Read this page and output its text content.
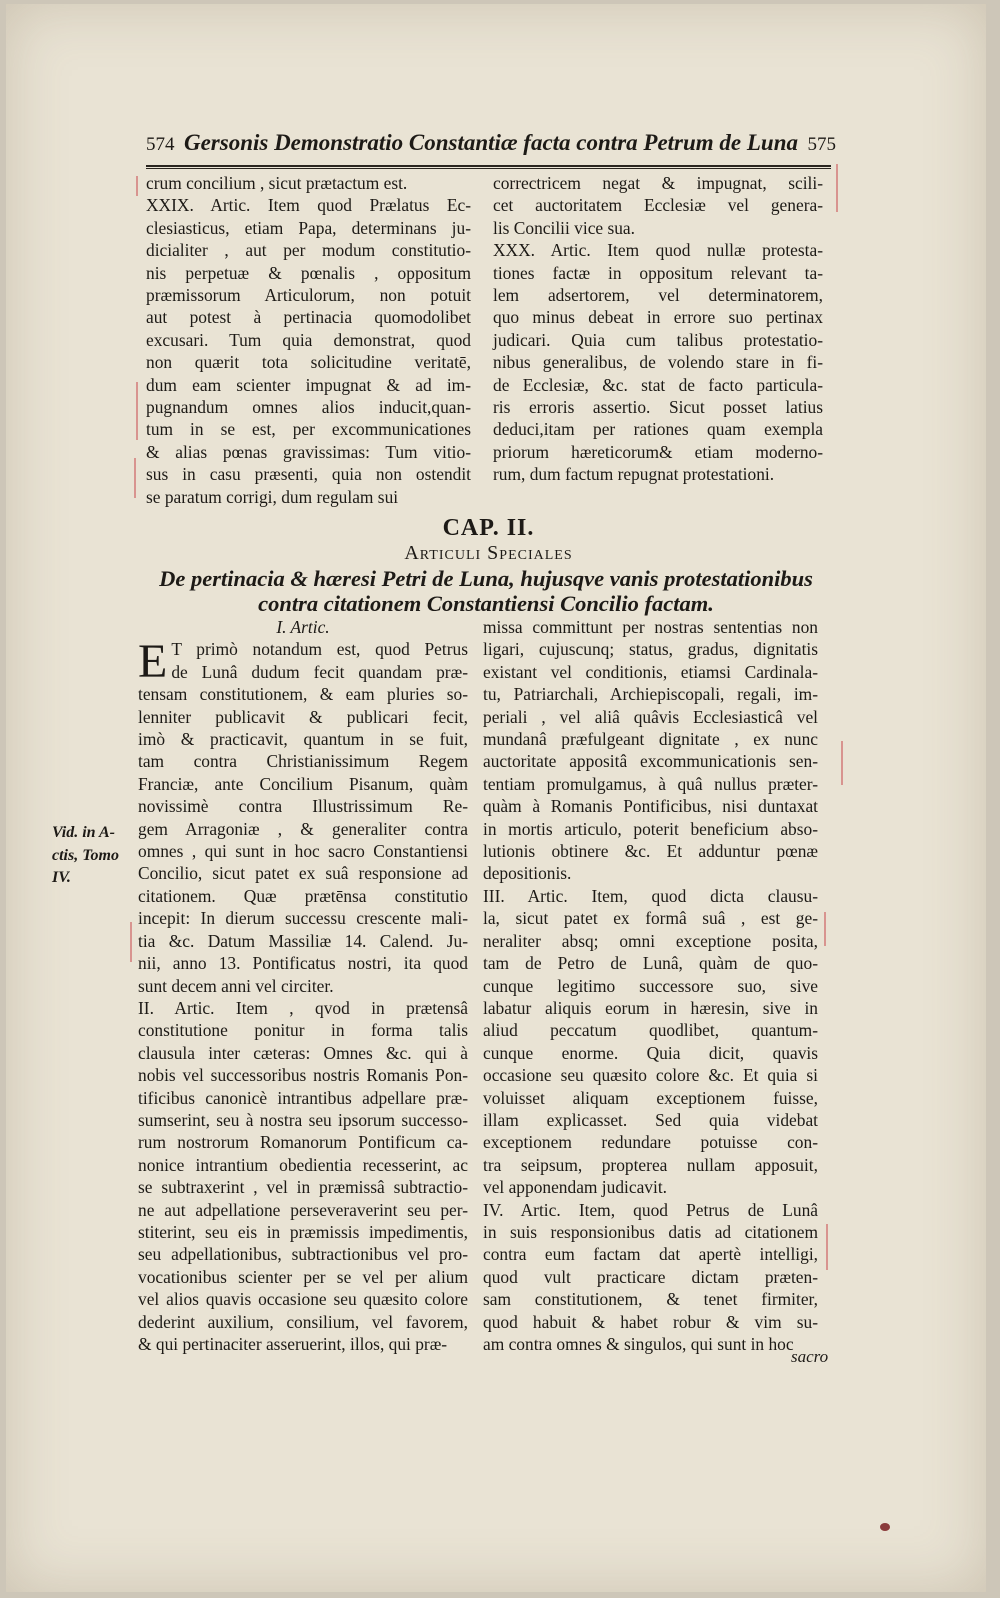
574 Gersonis Demonstratio Constantiæ facta contra Petrum de Luna 575

crum concilium , sicut prætactum est.

XXIX. Artic. Item quod Prælatus Ec-

clesiasticus, etiam Papa, determinans ju-

dicialiter , aut per modum constitutio-

nis perpetuæ & pœnalis , oppositum

præmissorum Articulorum, non potuit

aut potest à pertinacia quomodolibet

excusari. Tum quia demonstrat, quod

non quærit tota solicitudine veritatē,

dum eam scienter impugnat & ad im-

pugnandum omnes alios inducit,quan-

tum in se est, per excommunicationes

& alias pœnas gravissimas: Tum vitio-

sus in casu præsenti, quia non ostendit

se paratum corrigi, dum regulam sui

correctricem negat & impugnat, scili-

cet auctoritatem Ecclesiæ vel genera-

lis Concilii vice sua.

XXX. Artic. Item quod nullæ protesta-

tiones factæ in oppositum relevant ta-

lem adsertorem, vel determinatorem,

quo minus debeat in errore suo pertinax

judicari. Quia cum talibus protestatio-

nibus generalibus, de volendo stare in fi-

de Ecclesiæ, &c. stat de facto particula-

ris erroris assertio. Sicut posset latius

deduci,itam per rationes quam exempla

priorum hæreticorum& etiam moderno-

rum, dum factum repugnat protestationi.

CAP. II.
Articuli Speciales
De pertinacia & hæresi Petri de Luna, hujusqve vanis protestationibus
contra citationem Constantiensi Concilio factam.
Vid. in A-
ctis, Tomo
IV.

I. Artic.

E T primò notandum est, quod Petrus

de Lunâ dudum fecit quandam præ-

tensam constitutionem, & eam pluries so-

lenniter publicavit & publicari fecit,

imò & practicavit, quantum in se fuit,

tam contra Christianissimum Regem

Franciæ, ante Concilium Pisanum, quàm

novissimè contra Illustrissimum Re-

gem Arragoniæ , & generaliter contra

omnes , qui sunt in hoc sacro Constantiensi

Concilio, sicut patet ex suâ responsione ad

citationem. Quæ prætēnsa constitutio

incepit: In dierum successu crescente mali-

tia &c. Datum Massiliæ 14. Calend. Ju-

nii, anno 13. Pontificatus nostri, ita quod

sunt decem anni vel circiter.

II. Artic. Item , qvod in prætensâ

constitutione ponitur in forma talis

clausula inter cæteras: Omnes &c. qui à

nobis vel successoribus nostris Romanis Pon-

tificibus canonicè intrantibus adpellare præ-

sumserint, seu à nostra seu ipsorum successo-

rum nostrorum Romanorum Pontificum ca-

nonice intrantium obedientia recesserint, ac

se subtraxerint , vel in præmissâ subtractio-

ne aut adpellatione perseveraverint seu per-

stiterint, seu eis in præmissis impedimentis,

seu adpellationibus, subtractionibus vel pro-

vocationibus scienter per se vel per alium

vel alios quavis occasione seu quæsito colore

dederint auxilium, consilium, vel favorem,

& qui pertinaciter asseruerint, illos, qui præ-

missa committunt per nostras sententias non

ligari, cujuscunq; status, gradus, dignitatis

existant vel conditionis, etiamsi Cardinala-

tu, Patriarchali, Archiepiscopali, regali, im-

periali , vel aliâ quâvis Ecclesiasticâ vel

mundanâ præfulgeant dignitate , ex nunc

auctoritate appositâ excommunicationis sen-

tentiam promulgamus, à quâ nullus præter-

quàm à Romanis Pontificibus, nisi duntaxat

in mortis articulo, poterit beneficium abso-

lutionis obtinere &c. Et adduntur pœnæ

depositionis.

III. Artic. Item, quod dicta clausu-

la, sicut patet ex formâ suâ , est ge-

neraliter absq; omni exceptione posita,

tam de Petro de Lunâ, quàm de quo-

cunque legitimo successore suo, sive

labatur aliquis eorum in hæresin, sive in

aliud peccatum quodlibet, quantum-

cunque enorme. Quia dicit, quavis

occasione seu quæsito colore &c. Et quia si

voluisset aliquam exceptionem fuisse,

illam explicasset. Sed quia videbat

exceptionem redundare potuisse con-

tra seipsum, propterea nullam apposuit,

vel apponendam judicavit.

IV. Artic. Item, quod Petrus de Lunâ

in suis responsionibus datis ad citationem

contra eum factam dat apertè intelligi,

quod vult practicare dictam præten-

sam constitutionem, & tenet firmiter,

quod habuit & habet robur & vim su-

am contra omnes & singulos, qui sunt in hoc

sacro
